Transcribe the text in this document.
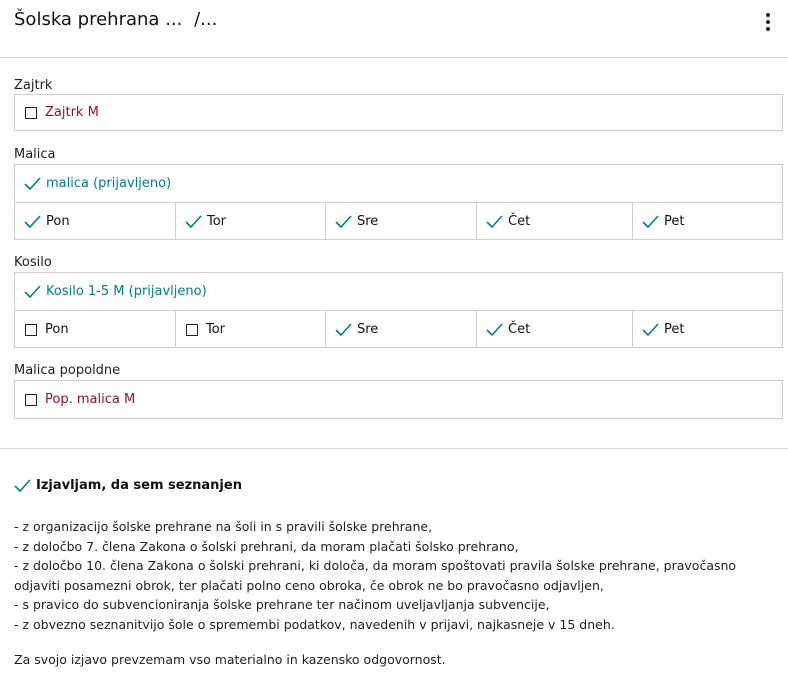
Šolska prehrana ... /...
Zajtrk
Zajtrk M
Malica
malica (prijavljeno)
Pon	Tor	Sre	Čet	Pet
Kosilo
Kosilo 1-5 M (prijavljeno)
Pon	Tor	Sre	Čet	Pet
Malica popoldne
Pop. malica M
Izjavljam, da sem seznanjen
- z organizacijo šolske prehrane na šoli in s pravili šolske prehrane,
- z določbo 7. člena Zakona o šolski prehrani, da moram plačati šolsko prehrano,
- z določbo 10. člena Zakona o šolski prehrani, ki določa, da moram spoštovati pravila šolske prehrane, pravočasno
odjaviti posamezni obrok, ter plačati polno ceno obroka, če obrok ne bo pravočasno odjavljen,
- s pravico do subvencioniranja šolske prehrane ter načinom uveljavljanja subvencije,
- z obvezno seznanitvijo šole o spremembi podatkov, navedenih v prijavi, najkasneje v 15 dneh.
Za svojo izjavo prevzemam vso materialno in kazensko odgovornost.
